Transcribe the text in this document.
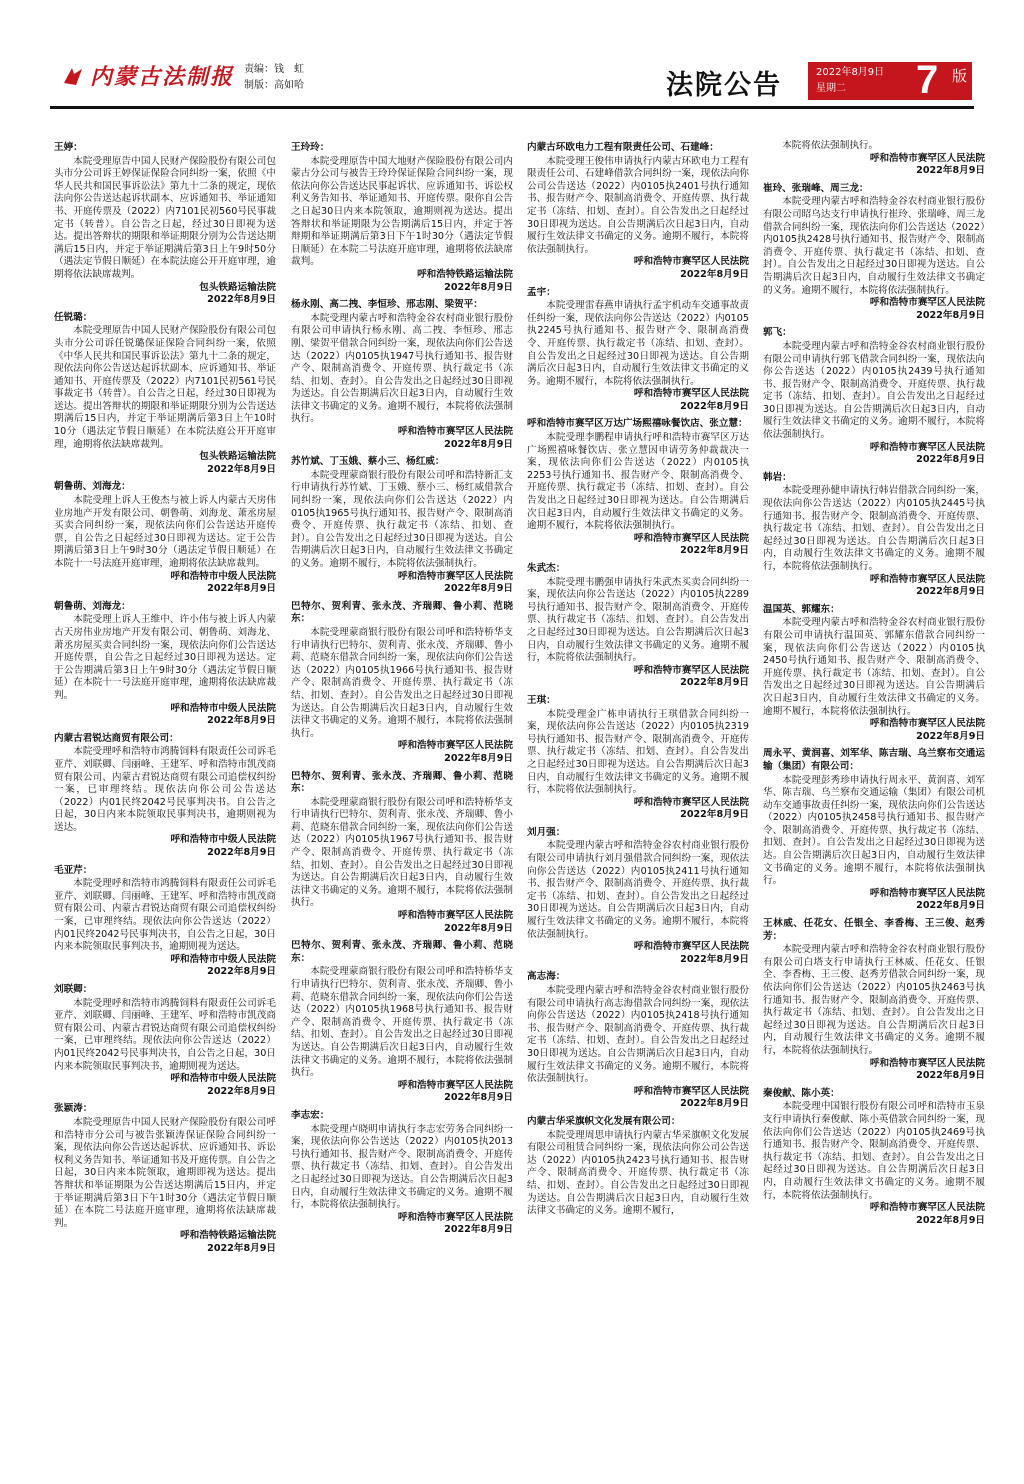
内蒙古法制报 责编：钱　虹
制版：高如哈	法院公告	2022年8月9日
星期二	7 版
王婷：
本院受理原告中国人民财产保险股份有限公司包头市分公司诉王婷保证保险合同纠纷一案，依照《中华人民共和国民事诉讼法》第九十二条的规定，现依法向你公告送达起诉状副本、应诉通知书、举证通知书、开庭传票及（2022）内7101民初560号民事裁定书（转普）。自公告之日起，经过30日即视为送达。提出答辩状的期限和举证期限分别为公告送达期满后15日内，并定于举证期满后第3日上午9时50分（遇法定节假日顺延）在本院法庭公开开庭审理，逾期将依法缺席裁判。
包头铁路运输法院
2022年8月9日
任锐璐：
本院受理原告中国人民财产保险股份有限公司包头市分公司诉任锐璐保证保险合同纠纷一案，依照《中华人民共和国民事诉讼法》第九十二条的规定，现依法向你公告送达起诉状副本、应诉通知书、举证通知书、开庭传票及（2022）内7101民初561号民事裁定书（转普）。自公告之日起，经过30日即视为送达。提出答辩状的期限和举证期限分别为公告送达期满后15日内，并定于举证期满后第3日上午10时10分（遇法定节假日顺延）在本院法庭公开开庭审理，逾期将依法缺席裁判。
包头铁路运输法院
2022年8月9日
朝鲁萌、刘海龙：
本院受理上诉人王俊杰与被上诉人内蒙古天房伟业房地产开发有限公司、朝鲁萌、刘海龙、萧丞房屋买卖合同纠纷一案，现依法向你们公告送达开庭传票，自公告之日起经过30日即视为送达。定于公告期满后第3日上午9时30分（遇法定节假日顺延）在本院十一号法庭开庭审理，逾期将依法缺席裁判。
呼和浩特市中级人民法院
2022年8月9日
朝鲁萌、刘海龙：
本院受理上诉人王维中、许小伟与被上诉人内蒙古天房伟业房地产开发有限公司、朝鲁萌、刘海龙、萧丞房屋买卖合同纠纷一案，现依法向你们公告送达开庭传票，自公告之日起经过30日即视为送达。定于公告期满后第3日上午9时30分（遇法定节假日顺延）在本院十一号法庭开庭审理，逾期将依法缺席裁判。
呼和浩特市中级人民法院
2022年8月9日
内蒙古君锐达商贸有限公司：
本院受理呼和浩特市鸿腾饲料有限责任公司诉毛亚芹、刘联卿、闫丽峰、王建军、呼和浩特市凯茂商贸有限公司、内蒙古君锐达商贸有限公司追偿权纠纷一案，已审理终结。现依法向你公司公告送达（2022）内01民终2042号民事判决书。自公告之日起，30日内来本院领取民事判决书，逾期则视为送达。
呼和浩特市中级人民法院
2022年8月9日
毛亚芹：
本院受理呼和浩特市鸿腾饲料有限责任公司诉毛亚芹、刘联卿、闫丽峰、王建军、呼和浩特市凯茂商贸有限公司、内蒙古君锐达商贸有限公司追偿权纠纷一案，已审理终结。现依法向你公告送达（2022）内01民终2042号民事判决书，自公告之日起，30日内来本院领取民事判决书，逾期则视为送达。
呼和浩特市中级人民法院
2022年8月9日
刘联卿：
本院受理呼和浩特市鸿腾饲料有限责任公司诉毛亚芹、刘联卿、闫丽峰、王建军、呼和浩特市凯茂商贸有限公司、内蒙古君锐达商贸有限公司追偿权纠纷一案，已审理终结。现依法向你公告送达（2022）内01民终2042号民事判决书，自公告之日起，30日内来本院领取民事判决书，逾期则视为送达。
呼和浩特市中级人民法院
2022年8月9日
张颖涛：
本院受理原告中国人民财产保险股份有限公司呼和浩特市分公司与被告张颖涛保证保险合同纠纷一案，现依法向你公告送达起诉状、应诉通知书、诉讼权利义务告知书、举证通知书及开庭传票。自公告之日起，30日内来本院领取，逾期即视为送达。提出答辩状和举证期限为公告送达期满后15日内，并定于举证期满后第3日下午1时30分（遇法定节假日顺延）在本院二号法庭开庭审理，逾期将依法缺席裁判。
呼和浩特铁路运输法院
2022年8月9日
王玲玲：
本院受理原告中国大地财产保险股份有限公司内蒙古分公司与被告王玲玲保证保险合同纠纷一案，现依法向你公告送达民事起诉状、应诉通知书、诉讼权利义务告知书、举证通知书、开庭传票。限你自公告之日起30日内来本院领取，逾期则视为送达。提出答辩状和举证期限为公告期满后15日内，并定于答辩期和举证期满后第3日下午1时30分（遇法定节假日顺延）在本院二号法庭开庭审理，逾期将依法缺席裁判。
呼和浩特铁路运输法院
2022年8月9日
杨永刚、高二拽、李恒珍、邢志刚、梁贺平：
本院受理内蒙古呼和浩特金谷农村商业银行股份有限公司申请执行杨永刚、高二拽、李恒珍、邢志刚、梁贺平借款合同纠纷一案，现依法向你们公告送达（2022）内0105执1947号执行通知书、报告财产令、限制高消费令、开庭传票、执行裁定书（冻结、扣划、查封）。自公告发出之日起经过30日即视为送达。自公告期满后次日起3日内，自动履行生效法律文书确定的义务。逾期不履行，本院将依法强制执行。
呼和浩特市赛罕区人民法院
2022年8月9日
苏竹斌、丁玉娥、蔡小三、杨红威：
本院受理蒙商银行股份有限公司呼和浩特新汇支行申请执行苏竹斌、丁玉娥、蔡小三、杨红威借款合同纠纷一案，现依法向你们公告送达（2022）内0105执1965号执行通知书、报告财产令、限制高消费令、开庭传票、执行裁定书（冻结、扣划、查封）。自公告发出之日起经过30日即视为送达。自公告期满后次日起3日内，自动履行生效法律文书确定的义务。逾期不履行，本院将依法强制执行。
呼和浩特市赛罕区人民法院
2022年8月9日
巴特尔、贺利青、张永茂、齐瑞卿、鲁小莉、范晓东：
本院受理蒙商银行股份有限公司呼和浩特桥华支行申请执行巴特尔、贺利青、张永茂、齐瑞卿、鲁小莉、范晓东借款合同纠纷一案，现依法向你们公告送达（2022）内0105执1966号执行通知书、报告财产令、限制高消费令、开庭传票、执行裁定书（冻结、扣划、查封）。自公告发出之日起经过30日即视为送达。自公告期满后次日起3日内，自动履行生效法律文书确定的义务。逾期不履行，本院将依法强制执行。
呼和浩特市赛罕区人民法院
2022年8月9日
巴特尔、贺利青、张永茂、齐瑞卿、鲁小莉、范晓东：
本院受理蒙商银行股份有限公司呼和浩特桥华支行申请执行巴特尔、贺利青、张永茂、齐瑞卿、鲁小莉、范晓东借款合同纠纷一案，现依法向你们公告送达（2022）内0105执1967号执行通知书、报告财产令、限制高消费令、开庭传票、执行裁定书（冻结、扣划、查封）。自公告发出之日起经过30日即视为送达。自公告期满后次日起3日内，自动履行生效法律文书确定的义务。逾期不履行，本院将依法强制执行。
呼和浩特市赛罕区人民法院
2022年8月9日
巴特尔、贺利青、张永茂、齐瑞卿、鲁小莉、范晓东：
本院受理蒙商银行股份有限公司呼和浩特桥华支行申请执行巴特尔、贺利青、张永茂、齐瑞卿、鲁小莉、范晓东借款合同纠纷一案，现依法向你们公告送达（2022）内0105执1968号执行通知书、报告财产令、限制高消费令、开庭传票、执行裁定书（冻结、扣划、查封）。自公告发出之日起经过30日即视为送达。自公告期满后次日起3日内，自动履行生效法律文书确定的义务。逾期不履行，本院将依法强制执行。
呼和浩特市赛罕区人民法院
2022年8月9日
李志宏：
本院受理卢晓明申请执行李志宏劳务合同纠纷一案，现依法向你公告送达（2022）内0105执2013号执行通知书、报告财产令、限制高消费令、开庭传票、执行裁定书（冻结、扣划、查封）。自公告发出之日起经过30日即视为送达。自公告期满后次日起3日内，自动履行生效法律文书确定的义务。逾期不履行，本院将依法强制执行。
呼和浩特市赛罕区人民法院
2022年8月9日
内蒙古环欧电力工程有限责任公司、石建峰：
本院受理王俊伟申请执行内蒙古环欧电力工程有限责任公司、石建峰借款合同纠纷一案，现依法向你公司公告送达（2022）内0105执2401号执行通知书、报告财产令、限制高消费令、开庭传票、执行裁定书（冻结、扣划、查封）。自公告发出之日起经过30日即视为送达。自公告期满后次日起3日内，自动履行生效法律文书确定的义务。逾期不履行，本院将依法强制执行。
呼和浩特市赛罕区人民法院
2022年8月9日
孟宇：
本院受理雷春燕申请执行孟宇机动车交通事故责任纠纷一案，现依法向你公告送达（2022）内0105执2245号执行通知书、报告财产令、限制高消费令、开庭传票、执行裁定书（冻结、扣划、查封）。自公告发出之日起经过30日即视为送达。自公告期满后次日起3日内，自动履行生效法律文书确定的义务。逾期不履行，本院将依法强制执行。
呼和浩特市赛罕区人民法院
2022年8月9日
呼和浩特市赛罕区万达广场熙禧咏餐饮店、张立慧：
本院受理李鹏程申请执行呼和浩特市赛罕区万达广场熙禧咏餐饮店、张立慧因申请劳务仲裁裁决一案，现依法向你们公告送达（2022）内0105执2253号执行通知书、报告财产令、限制高消费令、开庭传票、执行裁定书（冻结、扣划、查封）。自公告发出之日起经过30日即视为送达。自公告期满后次日起3日内，自动履行生效法律文书确定的义务。逾期不履行，本院将依法强制执行。
呼和浩特市赛罕区人民法院
2022年8月9日
朱武杰：
本院受理韦鹏强申请执行朱武杰买卖合同纠纷一案，现依法向你公告送达（2022）内0105执2289号执行通知书、报告财产令、限制高消费令、开庭传票、执行裁定书（冻结、扣划、查封）。自公告发出之日起经过30日即视为送达。自公告期满后次日起3日内，自动履行生效法律文书确定的义务。逾期不履行，本院将依法强制执行。
呼和浩特市赛罕区人民法院
2022年8月9日
王琪：
本院受理金广栋申请执行王琪借款合同纠纷一案，现依法向你公告送达（2022）内0105执2319号执行通知书、报告财产令、限制高消费令、开庭传票、执行裁定书（冻结、扣划、查封）。自公告发出之日起经过30日即视为送达。自公告期满后次日起3日内，自动履行生效法律文书确定的义务。逾期不履行，本院将依法强制执行。
呼和浩特市赛罕区人民法院
2022年8月9日
刘月强：
本院受理内蒙古呼和浩特金谷农村商业银行股份有限公司申请执行刘月强借款合同纠纷一案，现依法向你公告送达（2022）内0105执2411号执行通知书、报告财产令、限制高消费令、开庭传票、执行裁定书（冻结、扣划、查封）。自公告发出之日起经过30日即视为送达。自公告期满后次日起3日内，自动履行生效法律文书确定的义务。逾期不履行，本院将依法强制执行。
呼和浩特市赛罕区人民法院
2022年8月9日
高志海：
本院受理内蒙古呼和浩特金谷农村商业银行股份有限公司申请执行高志海借款合同纠纷一案，现依法向你公告送达（2022）内0105执2418号执行通知书、报告财产令、限制高消费令、开庭传票、执行裁定书（冻结、扣划、查封）。自公告发出之日起经过30日即视为送达。自公告期满后次日起3日内，自动履行生效法律文书确定的义务。逾期不履行，本院将依法强制执行。
呼和浩特市赛罕区人民法院
2022年8月9日
内蒙古华采旗帜文化发展有限公司：
本院受理周思申请执行内蒙古华采旗帜文化发展有限公司租赁合同纠纷一案，现依法向你公司公告送达（2022）内0105执2423号执行通知书、报告财产令、限制高消费令、开庭传票、执行裁定书（冻结、扣划、查封）。自公告发出之日起经过30日即视为送达。自公告期满后次日起3日内，自动履行生效法律文书确定的义务。逾期不履行，
本院将依法强制执行。
呼和浩特市赛罕区人民法院
2022年8月9日
崔玲、张瑞峰、周三龙：
本院受理内蒙古呼和浩特金谷农村商业银行股份有限公司昭乌达支行申请执行崔玲、张瑞峰、周三龙借款合同纠纷一案，现依法向你们公告送达（2022）内0105执2428号执行通知书、报告财产令、限制高消费令、开庭传票、执行裁定书（冻结、扣划、查封）。自公告发出之日起经过30日即视为送达。自公告期满后次日起3日内，自动履行生效法律文书确定的义务。逾期不履行，本院将依法强制执行。
呼和浩特市赛罕区人民法院
2022年8月9日
郭飞：
本院受理内蒙古呼和浩特金谷农村商业银行股份有限公司申请执行郭飞借款合同纠纷一案，现依法向你公告送达（2022）内0105执2439号执行通知书、报告财产令、限制高消费令、开庭传票、执行裁定书（冻结、扣划、查封）。自公告发出之日起经过30日即视为送达。自公告期满后次日起3日内，自动履行生效法律文书确定的义务。逾期不履行，本院将依法强制执行。
呼和浩特市赛罕区人民法院
2022年8月9日
韩岩：
本院受理孙健申请执行韩岩借款合同纠纷一案，现依法向你公告送达（2022）内0105执2445号执行通知书、报告财产令、限制高消费令、开庭传票、执行裁定书（冻结、扣划、查封）。自公告发出之日起经过30日即视为送达。自公告期满后次日起3日内，自动履行生效法律文书确定的义务。逾期不履行，本院将依法强制执行。
呼和浩特市赛罕区人民法院
2022年8月9日
温国英、郭耀东：
本院受理内蒙古呼和浩特金谷农村商业银行股份有限公司申请执行温国英、郭耀东借款合同纠纷一案，现依法向你们公告送达（2022）内0105执2450号执行通知书、报告财产令、限制高消费令、开庭传票、执行裁定书（冻结、扣划、查封）。自公告发出之日起经过30日即视为送达。自公告期满后次日起3日内，自动履行生效法律文书确定的义务。逾期不履行，本院将依法强制执行。
呼和浩特市赛罕区人民法院
2022年8月9日
周永平、黄润喜、刘军华、陈吉瑞、乌兰察布交通运输（集团）有限公司：
本院受理彭秀珍申请执行周永平、黄润喜、刘军华、陈吉瑞、乌兰察布交通运输（集团）有限公司机动车交通事故责任纠纷一案，现依法向你们公告送达（2022）内0105执2458号执行通知书、报告财产令、限制高消费令、开庭传票、执行裁定书（冻结、扣划、查封）。自公告发出之日起经过30日即视为送达。自公告期满后次日起3日内，自动履行生效法律文书确定的义务。逾期不履行，本院将依法强制执行。
呼和浩特市赛罕区人民法院
2022年8月9日
王林威、任花女、任银全、李香梅、王三俊、赵秀芳：
本院受理内蒙古呼和浩特金谷农村商业银行股份有限公司白塔支行申请执行王林威、任花女、任银全、李香梅、王三俊、赵秀芳借款合同纠纷一案，现依法向你们公告送达（2022）内0105执2463号执行通知书、报告财产令、限制高消费令、开庭传票、执行裁定书（冻结、扣划、查封）。自公告发出之日起经过30日即视为送达。自公告期满后次日起3日内，自动履行生效法律文书确定的义务。逾期不履行，本院将依法强制执行。
呼和浩特市赛罕区人民法院
2022年8月9日
秦俊献、陈小英：
本院受理中国银行股份有限公司呼和浩特市玉泉支行申请执行秦俊献、陈小英借款合同纠纷一案，现依法向你们公告送达（2022）内0105执2469号执行通知书、报告财产令、限制高消费令、开庭传票、执行裁定书（冻结、扣划、查封）。自公告发出之日起经过30日即视为送达。自公告期满后次日起3日内，自动履行生效法律文书确定的义务。逾期不履行，本院将依法强制执行。
呼和浩特市赛罕区人民法院
2022年8月9日
